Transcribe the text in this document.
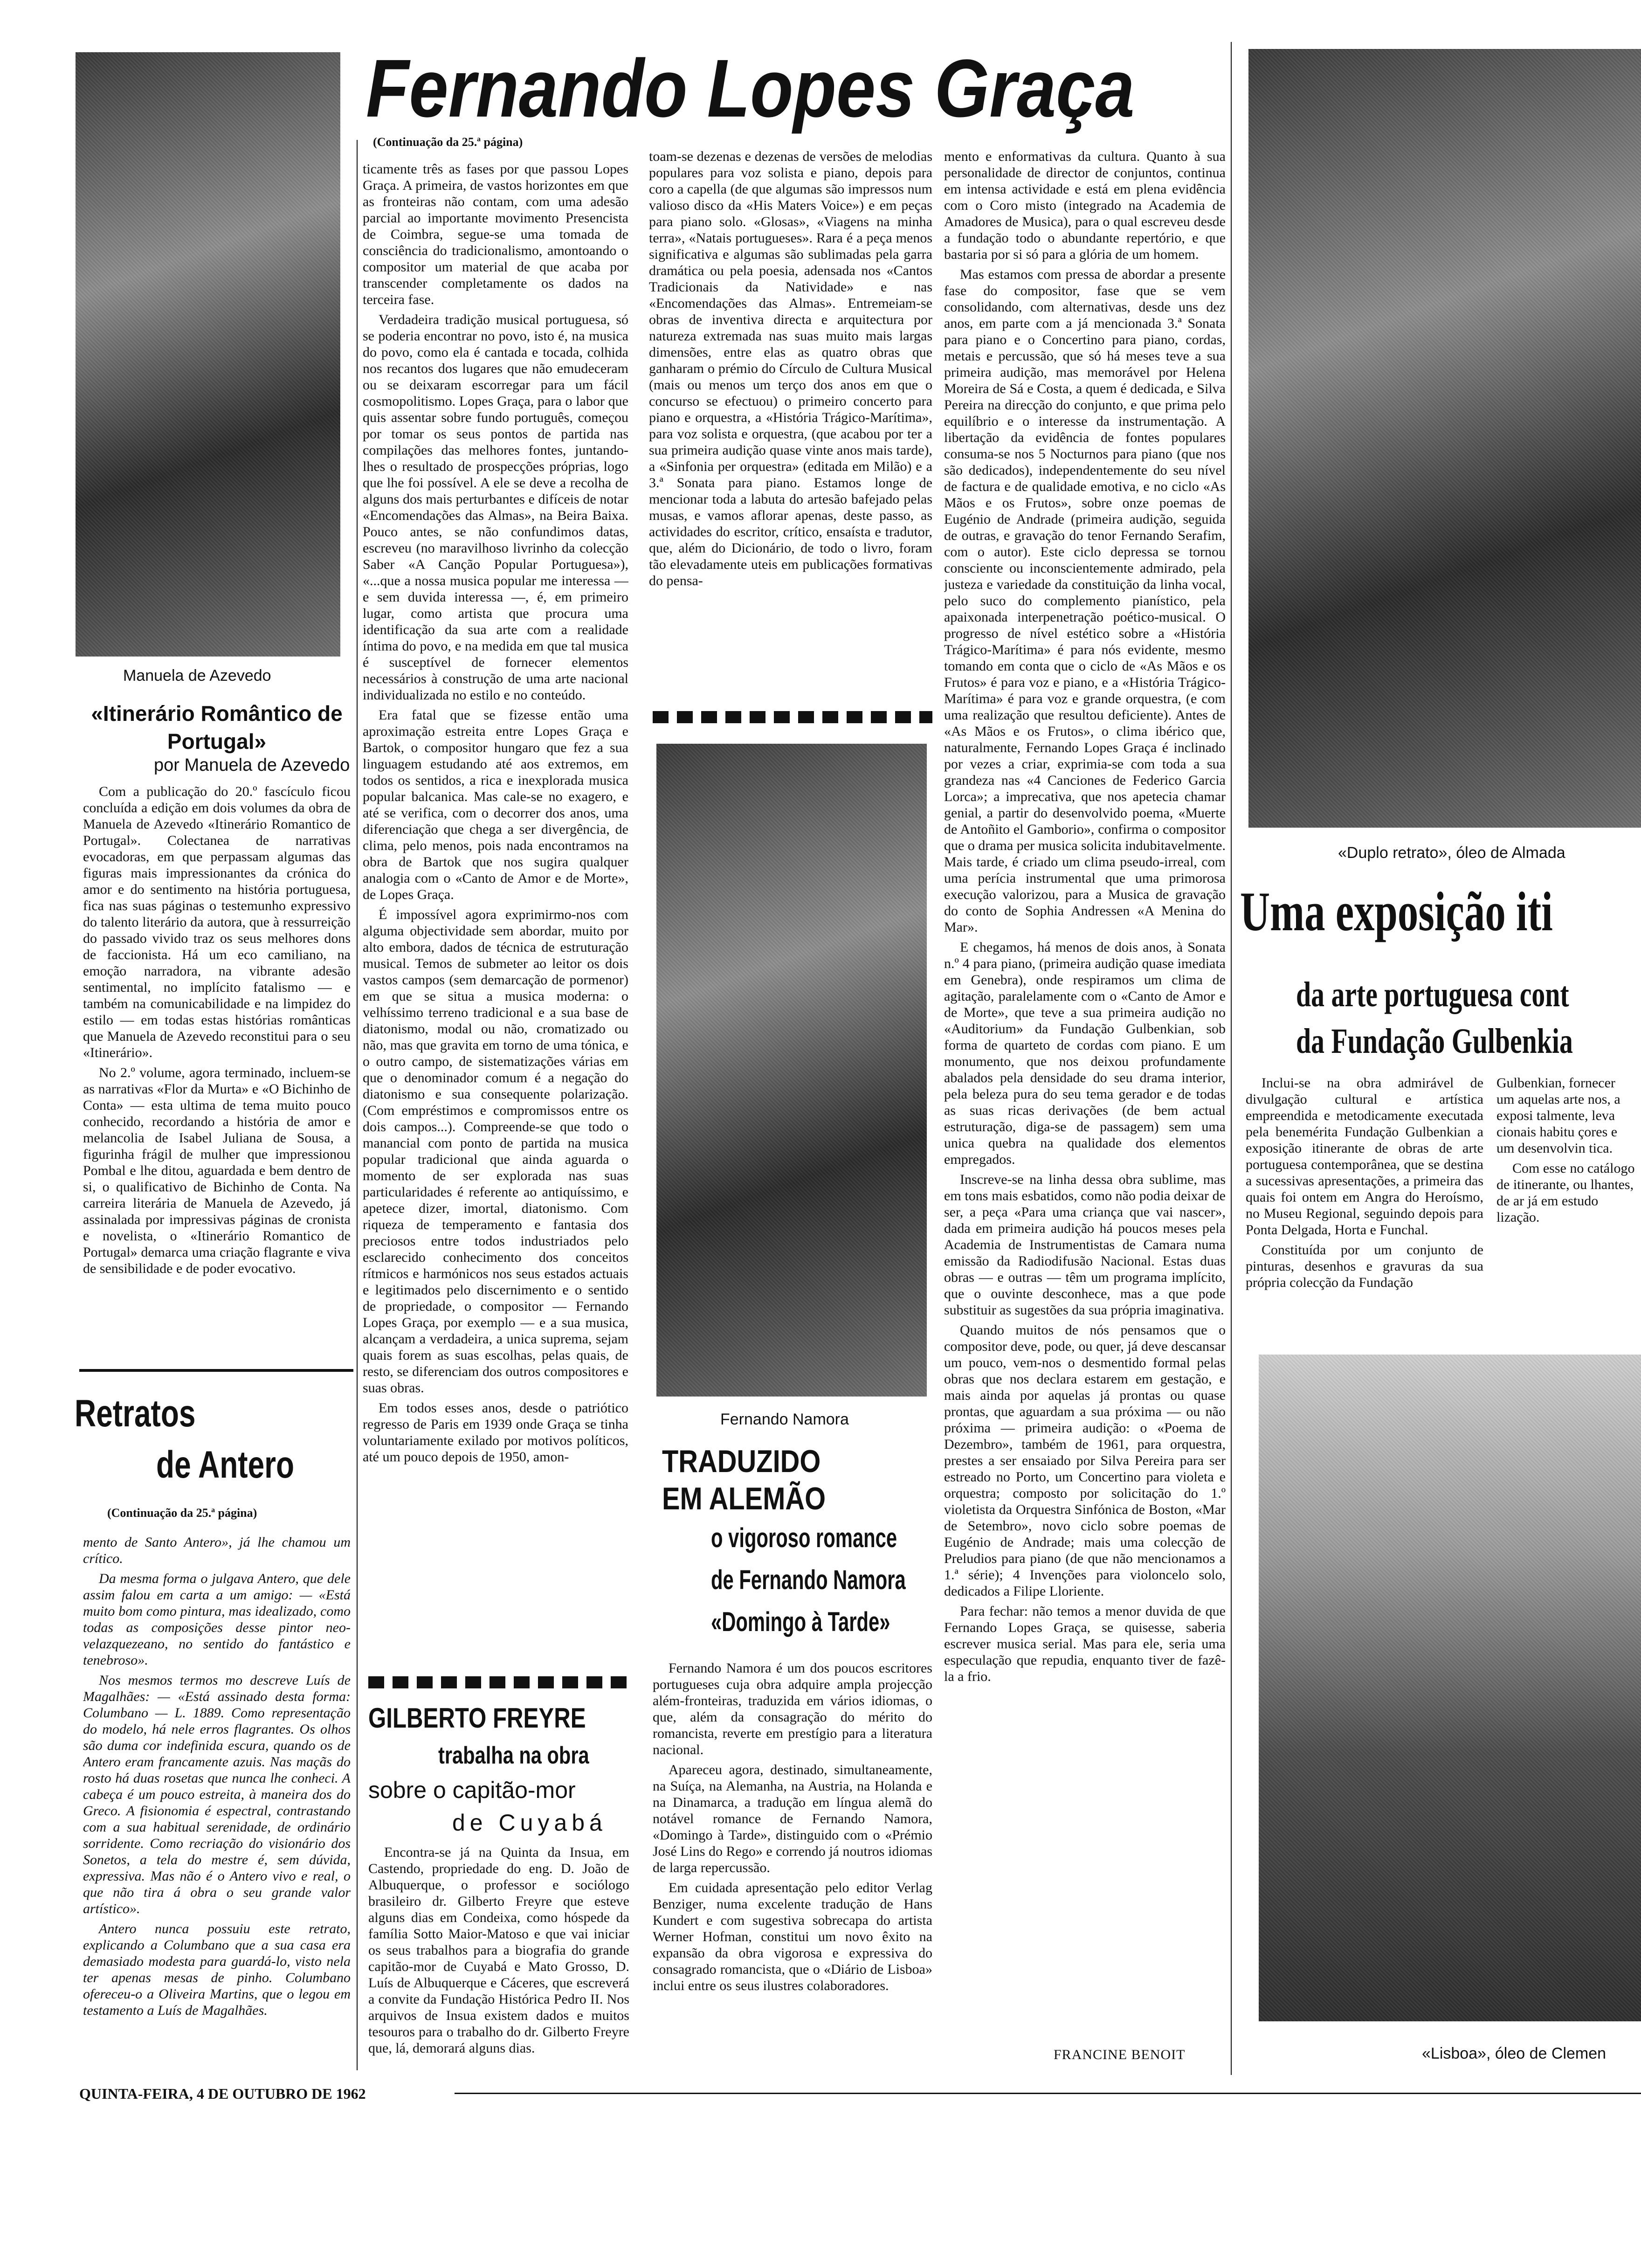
Manuela de Azevedo
«Itinerário Romântico de Portugal»
por Manuela de Azevedo

Com a publicação do 20.º fascículo ficou concluída a edição em dois volumes da obra de Manuela de Azevedo «Itinerário Romantico de Portugal». Colectanea de narrativas evocadoras, em que perpassam algumas das figuras mais impressionantes da crónica do amor e do sentimento na história portuguesa, fica nas suas páginas o testemunho expressivo do talento literário da autora, que à ressurreição do passado vivido traz os seus melhores dons de faccionista. Há um eco camiliano, na emoção narradora, na vibrante adesão sentimental, no implícito fatalismo — e também na comunicabilidade e na limpidez do estilo — em todas estas histórias românticas que Manuela de Azevedo reconstitui para o seu «Itinerário».

No 2.º volume, agora terminado, incluem-se as narrativas «Flor da Murta» e «O Bichinho de Conta» — esta ultima de tema muito pouco conhecido, recordando a história de amor e melancolia de Isabel Juliana de Sousa, a figurinha frágil de mulher que impressionou Pombal e lhe ditou, aguardada e bem dentro de si, o qualificativo de Bichinho de Conta. Na carreira literária de Manuela de Azevedo, já assinalada por impressivas páginas de cronista e novelista, o «Itinerário Romantico de Portugal» demarca uma criação flagrante e viva de sensibilidade e de poder evocativo.

Retratos
de Antero
(Continuação da 25.ª página)

mento de Santo Antero», já lhe chamou um crítico.

Da mesma forma o julgava Antero, que dele assim falou em carta a um amigo: — «Está muito bom como pintura, mas idealizado, como todas as composições desse pintor neo-velazquezeano, no sentido do fantástico e tenebroso».

Nos mesmos termos mo descreve Luís de Magalhães: — «Está assinado desta forma: Columbano — L. 1889. Como representação do modelo, há nele erros flagrantes. Os olhos são duma cor indefinida escura, quando os de Antero eram francamente azuis. Nas maçãs do rosto há duas rosetas que nunca lhe conheci. A cabeça é um pouco estreita, à maneira dos do Greco. A fisionomia é espectral, contrastando com a sua habitual serenidade, de ordinário sorridente. Como recriação do visionário dos Sonetos, a tela do mestre é, sem dúvida, expressiva. Mas não é o Antero vivo e real, o que não tira á obra o seu grande valor artístico».

Antero nunca possuiu este retrato, explicando a Columbano que a sua casa era demasiado modesta para guardá-lo, visto nela ter apenas mesas de pinho. Columbano ofereceu-o a Oliveira Martins, que o legou em testamento a Luís de Magalhães.

Fernando Lopes Graça
(Continuação da 25.ª página)

ticamente três as fases por que passou Lopes Graça. A primeira, de vastos horizontes em que as fronteiras não contam, com uma adesão parcial ao importante movimento Presencista de Coimbra, segue-se uma tomada de consciência do tradicionalismo, amontoando o compositor um material de que acaba por transcender completamente os dados na terceira fase.

Verdadeira tradição musical portuguesa, só se poderia encontrar no povo, isto é, na musica do povo, como ela é cantada e tocada, colhida nos recantos dos lugares que não emudeceram ou se deixaram escorregar para um fácil cosmopolitismo. Lopes Graça, para o labor que quis assentar sobre fundo português, começou por tomar os seus pontos de partida nas compilações das melhores fontes, juntando-lhes o resultado de prospecções próprias, logo que lhe foi possível. A ele se deve a recolha de alguns dos mais perturbantes e difíceis de notar «Encomendações das Almas», na Beira Baixa. Pouco antes, se não confundimos datas, escreveu (no maravilhoso livrinho da colecção Saber «A Canção Popular Portuguesa»), «...que a nossa musica popular me interessa — e sem duvida interessa —, é, em primeiro lugar, como artista que procura uma identificação da sua arte com a realidade íntima do povo, e na medida em que tal musica é susceptível de fornecer elementos necessários à construção de uma arte nacional individualizada no estilo e no conteúdo.

Era fatal que se fizesse então uma aproximação estreita entre Lopes Graça e Bartok, o compositor hungaro que fez a sua linguagem estudando até aos extremos, em todos os sentidos, a rica e inexplorada musica popular balcanica. Mas cale-se no exagero, e até se verifica, com o decorrer dos anos, uma diferenciação que chega a ser divergência, de clima, pelo menos, pois nada encontramos na obra de Bartok que nos sugira qualquer analogia com o «Canto de Amor e de Morte», de Lopes Graça.

É impossível agora exprimirmo-nos com alguma objectividade sem abordar, muito por alto embora, dados de técnica de estruturação musical. Temos de submeter ao leitor os dois vastos campos (sem demarcação de pormenor) em que se situa a musica moderna: o velhíssimo terreno tradicional e a sua base de diatonismo, modal ou não, cromatizado ou não, mas que gravita em torno de uma tónica, e o outro campo, de sistematizações várias em que o denominador comum é a negação do diatonismo e sua consequente polarização. (Com empréstimos e compromissos entre os dois campos...). Compreende-se que todo o manancial com ponto de partida na musica popular tradicional que ainda aguarda o momento de ser explorada nas suas particularidades é referente ao antiquíssimo, e apetece dizer, imortal, diatonismo. Com riqueza de temperamento e fantasia dos preciosos entre todos industriados pelo esclarecido conhecimento dos conceitos rítmicos e harmónicos nos seus estados actuais e legitimados pelo discernimento e o sentido de propriedade, o compositor — Fernando Lopes Graça, por exemplo — e a sua musica, alcançam a verdadeira, a unica suprema, sejam quais forem as suas escolhas, pelas quais, de resto, se diferenciam dos outros compositores e suas obras.

Em todos esses anos, desde o patriótico regresso de Paris em 1939 onde Graça se tinha voluntariamente exilado por motivos políticos, até um pouco depois de 1950, amon-

toam-se dezenas e dezenas de versões de melodias populares para voz solista e piano, depois para coro a capella (de que algumas são impressos num valioso disco da «His Maters Voice») e em peças para piano solo. «Glosas», «Viagens na minha terra», «Natais portugueses». Rara é a peça menos significativa e algumas são sublimadas pela garra dramática ou pela poesia, adensada nos «Cantos Tradicionais da Natividade» e nas «Encomendações das Almas». Entremeiam-se obras de inventiva directa e arquitectura por natureza extremada nas suas muito mais largas dimensões, entre elas as quatro obras que ganharam o prémio do Círculo de Cultura Musical (mais ou menos um terço dos anos em que o concurso se efectuou) o primeiro concerto para piano e orquestra, a «História Trágico-Marítima», para voz solista e orquestra, (que acabou por ter a sua primeira audição quase vinte anos mais tarde), a «Sinfonia per orquestra» (editada em Milão) e a 3.ª Sonata para piano. Estamos longe de mencionar toda a labuta do artesão bafejado pelas musas, e vamos aflorar apenas, deste passo, as actividades do escritor, crítico, ensaísta e tradutor, que, além do Dicionário, de todo o livro, foram tão elevadamente uteis em publicações formativas do pensa-

mento e enformativas da cultura. Quanto à sua personalidade de director de conjuntos, continua em intensa actividade e está em plena evidência com o Coro misto (integrado na Academia de Amadores de Musica), para o qual escreveu desde a fundação todo o abundante repertório, e que bastaria por si só para a glória de um homem.

Mas estamos com pressa de abordar a presente fase do compositor, fase que se vem consolidando, com alternativas, desde uns dez anos, em parte com a já mencionada 3.ª Sonata para piano e o Concertino para piano, cordas, metais e percussão, que só há meses teve a sua primeira audição, mas memorável por Helena Moreira de Sá e Costa, a quem é dedicada, e Silva Pereira na direcção do conjunto, e que prima pelo equilíbrio e o interesse da instrumentação. A libertação da evidência de fontes populares consuma-se nos 5 Nocturnos para piano (que nos são dedicados), independentemente do seu nível de factura e de qualidade emotiva, e no ciclo «As Mãos e os Frutos», sobre onze poemas de Eugénio de Andrade (primeira audição, seguida de outras, e gravação do tenor Fernando Serafim, com o autor). Este ciclo depressa se tornou consciente ou inconscientemente admirado, pela justeza e variedade da constituição da linha vocal, pelo suco do complemento pianístico, pela apaixonada interpenetração poético-musical. O progresso de nível estético sobre a «História Trágico-Marítima» é para nós evidente, mesmo tomando em conta que o ciclo de «As Mãos e os Frutos» é para voz e piano, e a «História Trágico-Marítima» é para voz e grande orquestra, (e com uma realização que resultou deficiente). Antes de «As Mãos e os Frutos», o clima ibérico que, naturalmente, Fernando Lopes Graça é inclinado por vezes a criar, exprimia-se com toda a sua grandeza nas «4 Canciones de Federico Garcia Lorca»; a imprecativa, que nos apetecia chamar genial, a partir do desenvolvido poema, «Muerte de Antoñito el Gamborio», confirma o compositor que o drama per musica solicita indubitavelmente. Mais tarde, é criado um clima pseudo-irreal, com uma perícia instrumental que uma primorosa execução valorizou, para a Musica de gravação do conto de Sophia Andressen «A Menina do Mar».

E chegamos, há menos de dois anos, à Sonata n.º 4 para piano, (primeira audição quase imediata em Genebra), onde respiramos um clima de agitação, paralelamente com o «Canto de Amor e de Morte», que teve a sua primeira audição no «Auditorium» da Fundação Gulbenkian, sob forma de quarteto de cordas com piano. E um monumento, que nos deixou profundamente abalados pela densidade do seu drama interior, pela beleza pura do seu tema gerador e de todas as suas ricas derivações (de bem actual estruturação, diga-se de passagem) sem uma unica quebra na qualidade dos elementos empregados.

Inscreve-se na linha dessa obra sublime, mas em tons mais esbatidos, como não podia deixar de ser, a peça «Para uma criança que vai nascer», dada em primeira audição há poucos meses pela Academia de Instrumentistas de Camara numa emissão da Radiodifusão Nacional. Estas duas obras — e outras — têm um programa implícito, que o ouvinte desconhece, mas a que pode substituir as sugestões da sua própria imaginativa.

Quando muitos de nós pensamos que o compositor deve, pode, ou quer, já deve descansar um pouco, vem-nos o desmentido formal pelas obras que nos declara estarem em gestação, e mais ainda por aquelas já prontas ou quase prontas, que aguardam a sua próxima — ou não próxima — primeira audição: o «Poema de Dezembro», também de 1961, para orquestra, prestes a ser ensaiado por Silva Pereira para ser estreado no Porto, um Concertino para violeta e orquestra; composto por solicitação do 1.º violetista da Orquestra Sinfónica de Boston, «Mar de Setembro», novo ciclo sobre poemas de Eugénio de Andrade; mais uma colecção de Preludios para piano (de que não mencionamos a 1.ª série); 4 Invenções para violoncelo solo, dedicados a Filipe Lloriente.

Para fechar: não temos a menor duvida de que Fernando Lopes Graça, se quisesse, saberia escrever musica serial. Mas para ele, seria uma especulação que repudia, enquanto tiver de fazê-la a frio.

FRANCINE BENOIT
Fernando Namora
TRADUZIDO
EM ALEMÃO
o vigoroso romance
de Fernando Namora
«Domingo à Tarde»

Fernando Namora é um dos poucos escritores portugueses cuja obra adquire ampla projecção além-fronteiras, traduzida em vários idiomas, o que, além da consagração do mérito do romancista, reverte em prestígio para a literatura nacional.

Apareceu agora, destinado, simultaneamente, na Suíça, na Alemanha, na Austria, na Holanda e na Dinamarca, a tradução em língua alemã do notável romance de Fernando Namora, «Domingo à Tarde», distinguido com o «Prémio José Lins do Rego» e correndo já noutros idiomas de larga repercussão.

Em cuidada apresentação pelo editor Verlag Benziger, numa excelente tradução de Hans Kundert e com sugestiva sobrecapa do artista Werner Hofman, constitui um novo êxito na expansão da obra vigorosa e expressiva do consagrado romancista, que o «Diário de Lisboa» inclui entre os seus ilustres colaboradores.

GILBERTO FREYRE
trabalha na obra
sobre o capitão-mor
de Cuyabá

Encontra-se já na Quinta da Insua, em Castendo, propriedade do eng. D. João de Albuquerque, o professor e sociólogo brasileiro dr. Gilberto Freyre que esteve alguns dias em Condeixa, como hóspede da família Sotto Maior-Matoso e que vai iniciar os seus trabalhos para a biografia do grande capitão-mor de Cuyabá e Mato Grosso, D. Luís de Albuquerque e Cáceres, que escreverá a convite da Fundação Histórica Pedro II. Nos arquivos de Insua existem dados e muitos tesouros para o trabalho do dr. Gilberto Freyre que, lá, demorará alguns dias.

«Duplo retrato», óleo de Almada
Uma exposição iti
da arte portuguesa cont
da Fundação Gulbenkia

Inclui-se na obra admirável de divulgação cultural e artística empreendida e metodicamente executada pela benemérita Fundação Gulbenkian a exposição itinerante de obras de arte portuguesa contemporânea, que se destina a sucessivas apresentações, a primeira das quais foi ontem em Angra do Heroísmo, no Museu Regional, seguindo depois para Ponta Delgada, Horta e Funchal.

Constituída por um conjunto de pinturas, desenhos e gravuras da sua própria colecção da Fundação

Gulbenkian, fornecer um aquelas arte nos, a exposi talmente, leva cionais habitu çores e um desenvolvin tica.

Com esse no catálogo de itinerante, ou lhantes, de ar já em estudo lização.

«Lisboa», óleo de Clemen
QUINTA-FEIRA, 4 DE OUTUBRO DE 1962
